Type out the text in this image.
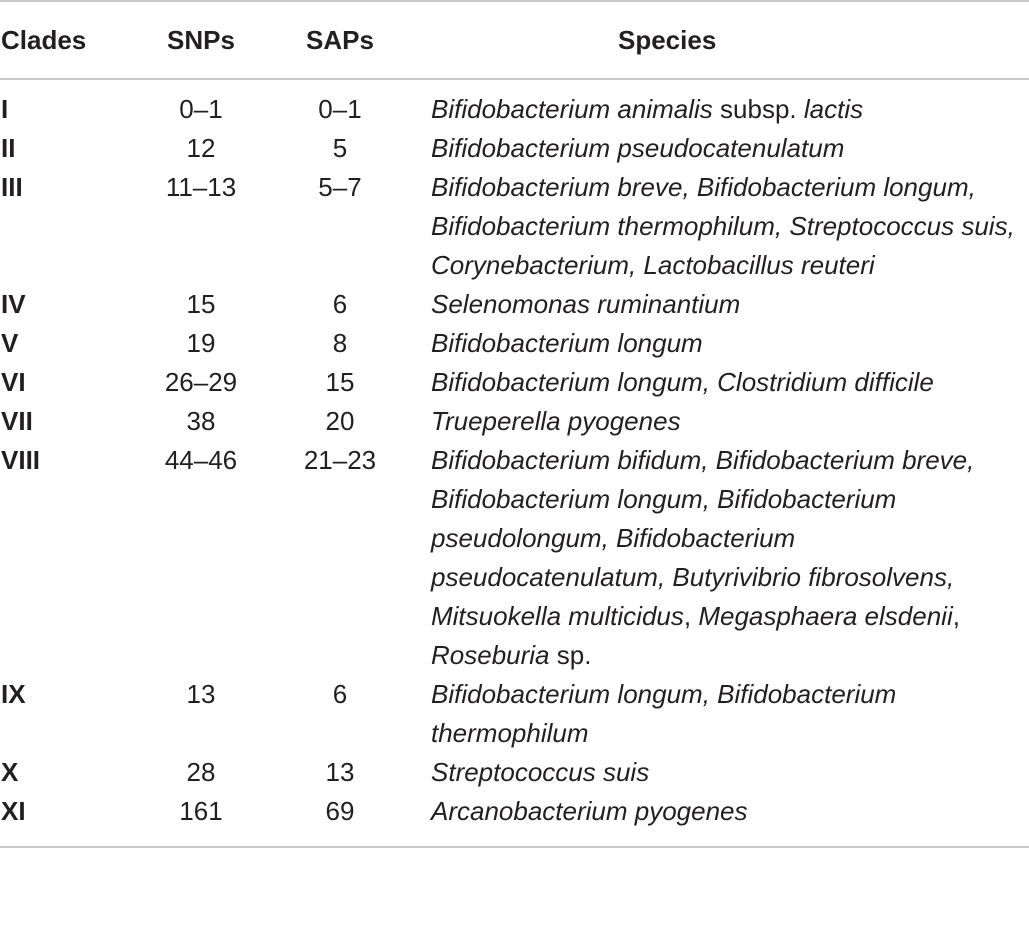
Clades	SNPs	SAPs	Species
I	0–1	0–1	Bifidobacterium animalis subsp. lactis
II	12	5	Bifidobacterium pseudocatenulatum
III	11–13	5–7	Bifidobacterium breve, Bifidobacterium longum, Bifidobacterium thermophilum, Streptococcus suis, Corynebacterium, Lactobacillus reuteri
IV	15	6	Selenomonas ruminantium
V	19	8	Bifidobacterium longum
VI	26–29	15	Bifidobacterium longum, Clostridium difficile
VII	38	20	Trueperella pyogenes
VIII	44–46	21–23	Bifidobacterium bifidum, Bifidobacterium breve, Bifidobacterium longum, Bifidobacterium pseudolongum, Bifidobacterium pseudocatenulatum, Butyrivibrio fibrosolvens, Mitsuokella multicidus, Megasphaera elsdenii, Roseburia sp.
IX	13	6	Bifidobacterium longum, Bifidobacterium thermophilum
X	28	13	Streptococcus suis
XI	161	69	Arcanobacterium pyogenes
